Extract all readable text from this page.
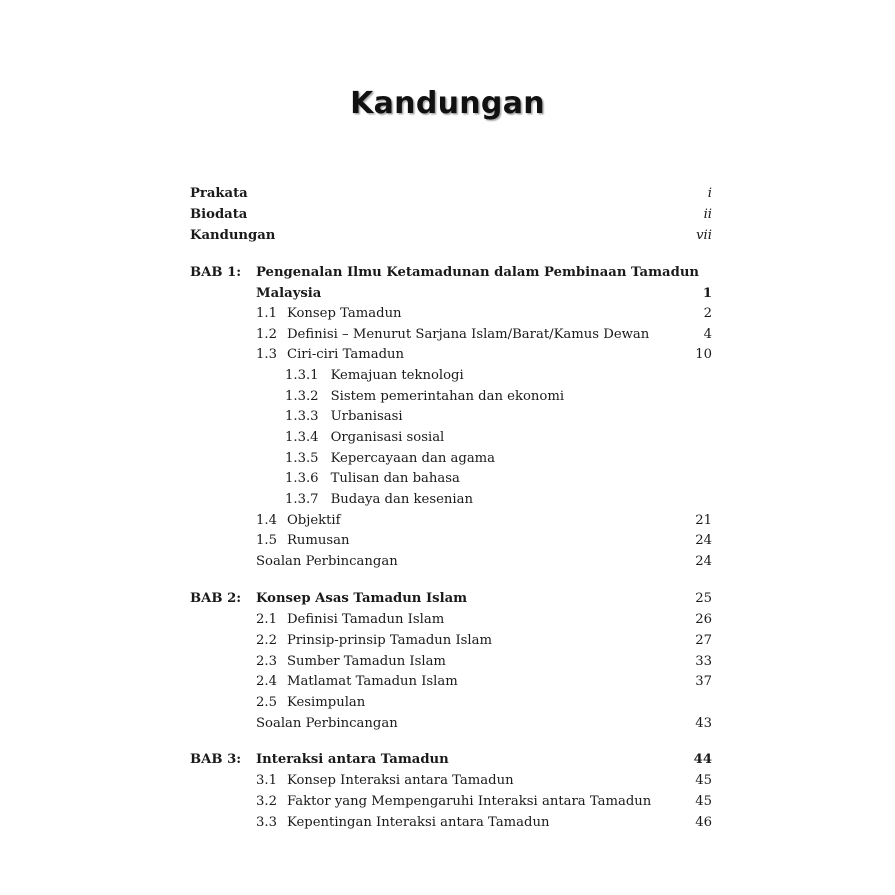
Kandungan
Prakata	i
Biodata	ii
Kandungan	vii
BAB 1: Pengenalan Ilmu Ketamadunan dalam Pembinaan Tamadun
Malaysia	1
1.1 Konsep Tamadun	2
1.2 Definisi – Menurut Sarjana Islam/Barat/Kamus Dewan	4
1.3 Ciri-ciri Tamadun	10
1.3.1 Kemajuan teknologi
1.3.2 Sistem pemerintahan dan ekonomi
1.3.3 Urbanisasi
1.3.4 Organisasi sosial
1.3.5 Kepercayaan dan agama
1.3.6 Tulisan dan bahasa
1.3.7 Budaya dan kesenian
1.4 Objektif	21
1.5 Rumusan	24
Soalan Perbincangan	24
BAB 2: Konsep Asas Tamadun Islam	25
2.1 Definisi Tamadun Islam	26
2.2 Prinsip-prinsip Tamadun Islam	27
2.3 Sumber Tamadun Islam	33
2.4 Matlamat Tamadun Islam	37
2.5 Kesimpulan
Soalan Perbincangan	43
BAB 3: Interaksi antara Tamadun	44
3.1 Konsep Interaksi antara Tamadun	45
3.2 Faktor yang Mempengaruhi Interaksi antara Tamadun	45
3.3 Kepentingan Interaksi antara Tamadun	46
